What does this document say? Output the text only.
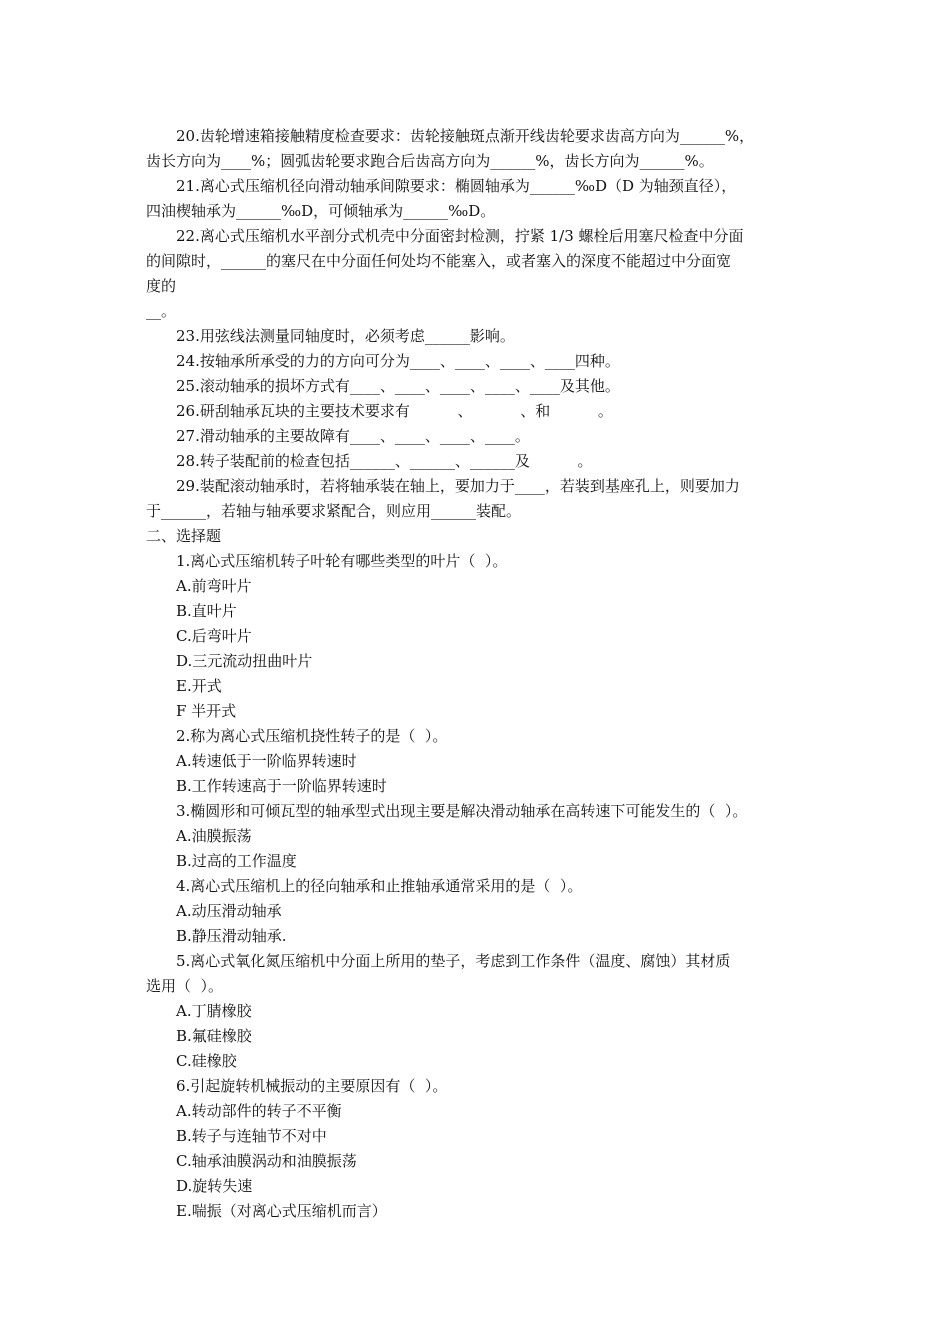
20.齿轮增速箱接触精度检查要求：齿轮接触斑点渐开线齿轮要求齿高方向为______%，
齿长方向为____%；圆弧齿轮要求跑合后齿高方向为______%，齿长方向为______%。
21.离心式压缩机径向滑动轴承间隙要求：椭圆轴承为______‰D（D 为轴颈直径），
四油楔轴承为______‰D，可倾轴承为______‰D。
22.离心式压缩机水平剖分式机壳中分面密封检测，拧紧 1/3 螺栓后用塞尺检查中分面
的间隙时，______的塞尺在中分面任何处均不能塞入，或者塞入的深度不能超过中分面宽
度的
__。
23.用弦线法测量同轴度时，必须考虑______影响。
24.按轴承所承受的力的方向可分为____、____、____、____四种。
25.滚动轴承的损坏方式有____、____、____、____、____及其他。
26.研刮轴承瓦块的主要技术要求有          、          、和          。
27.滑动轴承的主要故障有____、____、____、____。
28.转子装配前的检查包括______、______、______及          。
29.装配滚动轴承时，若将轴承装在轴上，要加力于____，若装到基座孔上，则要加力
于______，若轴与轴承要求紧配合，则应用______装配。
二、选择题
1.离心式压缩机转子叶轮有哪些类型的叶片（  ）。
A.前弯叶片
B.直叶片
C.后弯叶片
D.三元流动扭曲叶片
E.开式
F 半开式
2.称为离心式压缩机挠性转子的是（  ）。
A.转速低于一阶临界转速时
B.工作转速高于一阶临界转速时
3.椭圆形和可倾瓦型的轴承型式出现主要是解决滑动轴承在高转速下可能发生的（  ）。
A.油膜振荡
B.过高的工作温度
4.离心式压缩机上的径向轴承和止推轴承通常采用的是（  ）。
A.动压滑动轴承
B.静压滑动轴承.
5.离心式氧化氮压缩机中分面上所用的垫子，考虑到工作条件（温度、腐蚀）其材质
选用（  ）。
A.丁腈橡胶
B.氟硅橡胶
C.硅橡胶
6.引起旋转机械振动的主要原因有（  ）。
A.转动部件的转子不平衡
B.转子与连轴节不对中
C.轴承油膜涡动和油膜振荡
D.旋转失速
E.喘振（对离心式压缩机而言）
